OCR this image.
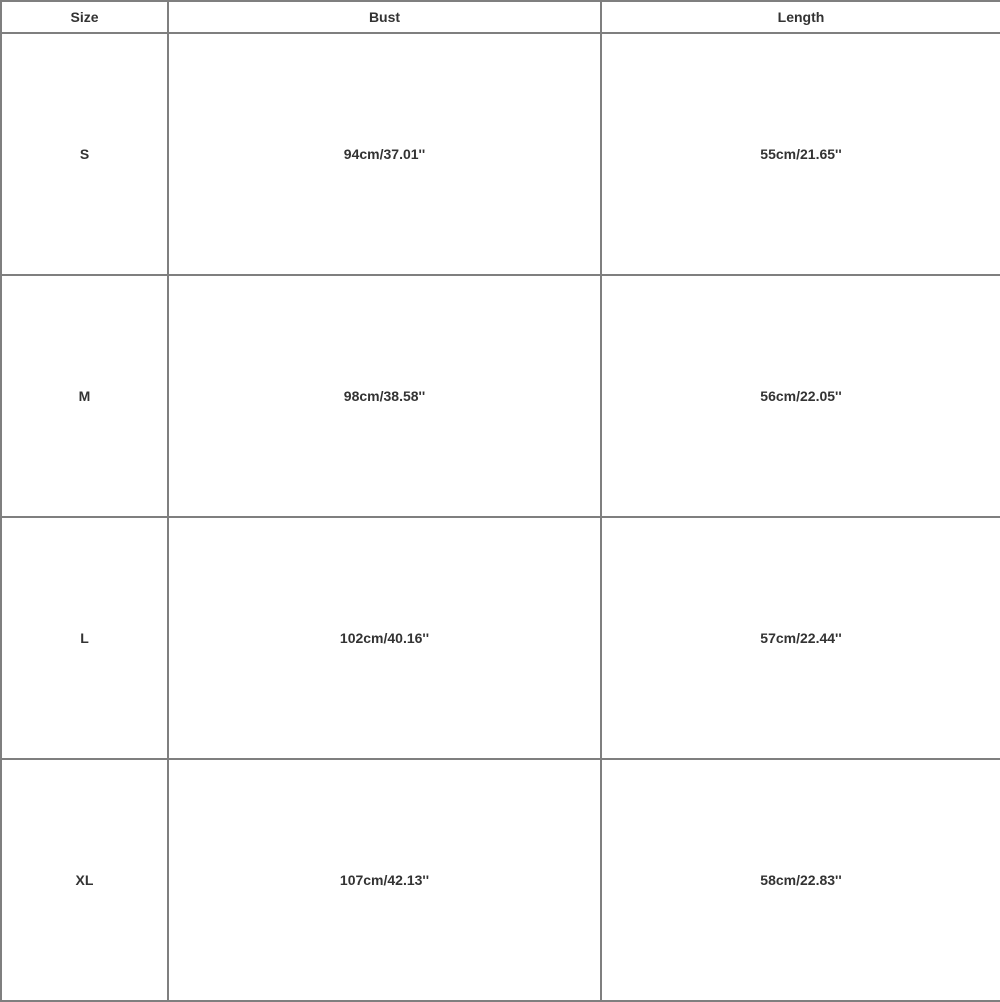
Size	Bust	Length
S	94cm/37.01''	55cm/21.65''
M	98cm/38.58''	56cm/22.05''
L	102cm/40.16''	57cm/22.44''
XL	107cm/42.13''	58cm/22.83''
